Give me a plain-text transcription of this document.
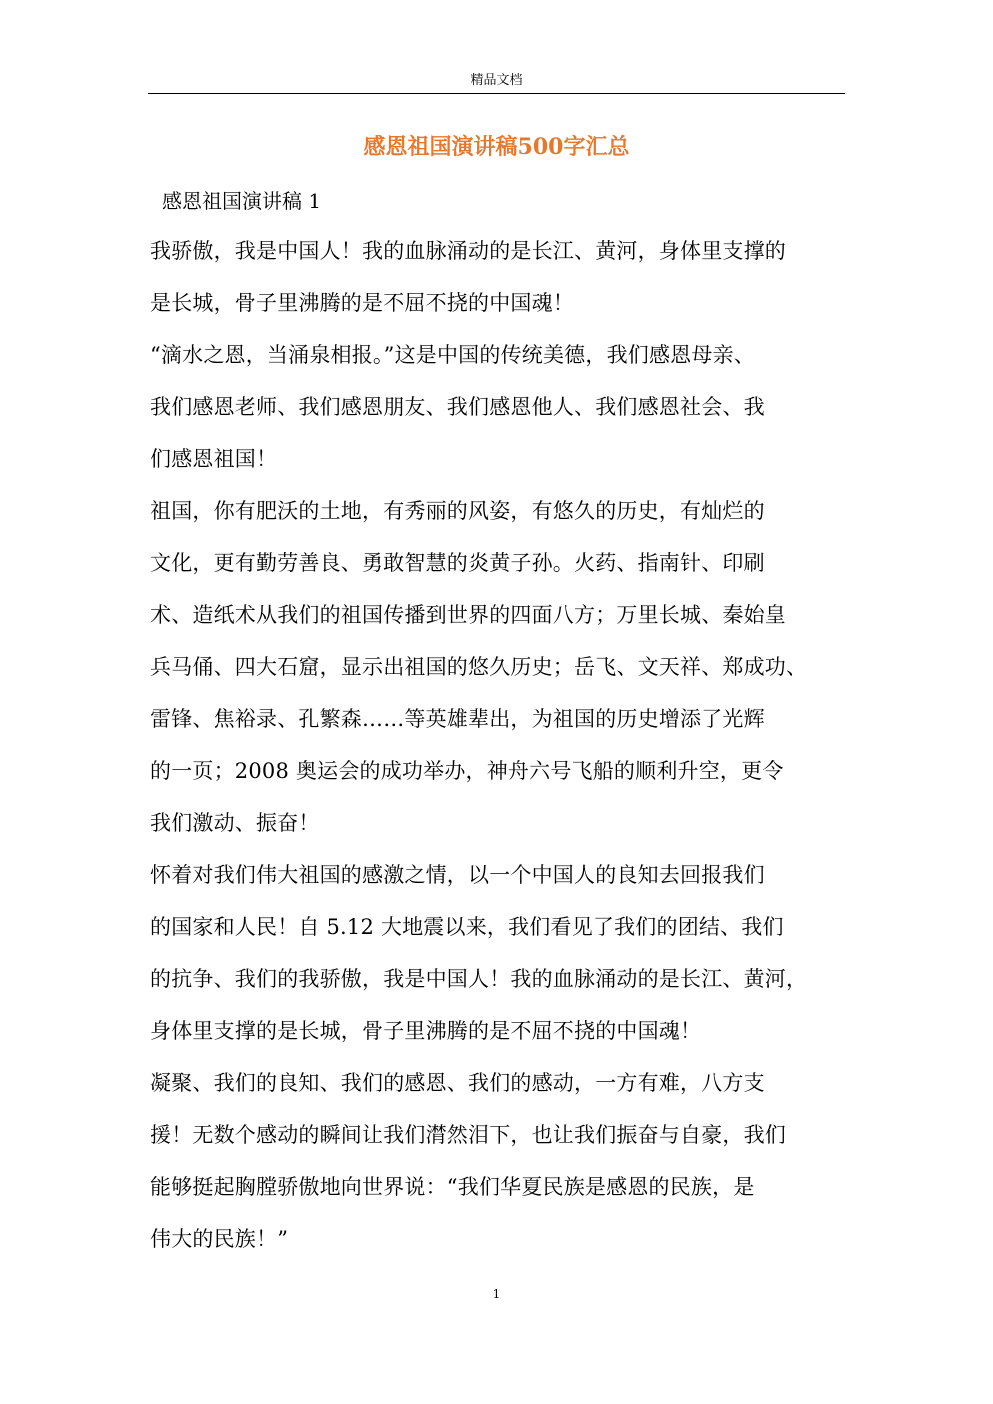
精品文档
感恩祖国演讲稿500字汇总
感恩祖国演讲稿 1
我骄傲，我是中国人！我的血脉涌动的是长江、黄河，身体里支撑的
是长城，骨子里沸腾的是不屈不挠的中国魂！
“滴水之恩，当涌泉相报。”这是中国的传统美德，我们感恩母亲、
我们感恩老师、我们感恩朋友、我们感恩他人、我们感恩社会、我
们感恩祖国！
祖国，你有肥沃的土地，有秀丽的风姿，有悠久的历史，有灿烂的
文化，更有勤劳善良、勇敢智慧的炎黄子孙。火药、指南针、印刷
术、造纸术从我们的祖国传播到世界的四面八方；万里长城、秦始皇
兵马俑、四大石窟，显示出祖国的悠久历史；岳飞、文天祥、郑成功、
雷锋、焦裕录、孔繁森……等英雄辈出，为祖国的历史增添了光辉
的一页；2008 奥运会的成功举办，神舟六号飞船的顺利升空，更令
我们激动、振奋！
怀着对我们伟大祖国的感激之情，以一个中国人的良知去回报我们
的国家和人民！自 5.12 大地震以来，我们看见了我们的团结、我们
的抗争、我们的我骄傲，我是中国人！我的血脉涌动的是长江、黄河，
身体里支撑的是长城，骨子里沸腾的是不屈不挠的中国魂！
凝聚、我们的良知、我们的感恩、我们的感动，一方有难，八方支
援！无数个感动的瞬间让我们潸然泪下，也让我们振奋与自豪，我们
能够挺起胸膛骄傲地向世界说：“我们华夏民族是感恩的民族，是
伟大的民族！”
1
